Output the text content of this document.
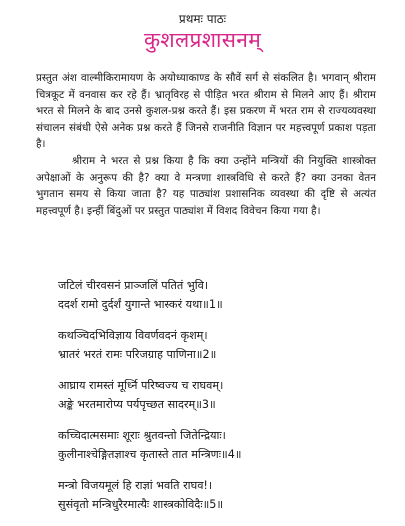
प्रथमः पाठः
कुशलप्रशासनम्

प्रस्तुत अंश वाल्मीकिरामायण के अयोध्याकाण्ड के सौवें सर्ग से संकलित है। भगवान् श्रीराम चित्रकूट में वनवास कर रहे हैं। भ्रातृविरह से पीड़ित भरत श्रीराम से मिलने आए हैं। श्रीराम भरत से मिलने के बाद उनसे कुशल-प्रश्न करते हैं। इस प्रकरण में भरत राम से राज्यव्यवस्था संचालन संबंधी ऐसे अनेक प्रश्न करते हैं जिनसे राजनीति विज्ञान पर महत्त्वपूर्ण प्रकाश पड़ता है।

श्रीराम ने भरत से प्रश्न किया है कि क्या उन्होंने मन्त्रियों की नियुक्ति शास्त्रोक्त अपेक्षाओं के अनुरूप की है? क्या वे मन्त्रणा शास्त्रविधि से करते हैं? क्या उनका वेतन भुगतान समय से किया जाता है? यह पाठ्यांश प्रशासनिक व्यवस्था की दृष्टि से अत्यंत महत्त्वपूर्ण है। इन्हीं बिंदुओं पर प्रस्तुत पाठ्यांश में विशद विवेचन किया गया है।

जटिलं चीरवसनं प्राञ्जलिं पतितं भुवि।
ददर्श रामो दुर्दर्शं युगान्ते भास्करं यथा॥1॥
कथञ्चिदभिविज्ञाय विवर्णवदनं कृशम्।
भ्रातरं भरतं रामः परिजग्राह पाणिना॥2॥
आघ्राय रामस्तं मूर्ध्नि परिष्वज्य च राघवम्।
अङ्के भरतमारोप्य पर्यपृच्छत सादरम्॥3॥
कच्चिदात्मसमाः शूराः श्रुतवन्तो जितेन्द्रियाः।
कुलीनाश्चेङ्गितज्ञाश्च कृतास्ते तात मन्त्रिणः॥4॥
मन्त्रो विजयमूलं हि राज्ञां भवति राघव!।
सुसंवृतो मन्त्रिधुरैरमात्यैः शास्त्रकोविदैः॥5॥
